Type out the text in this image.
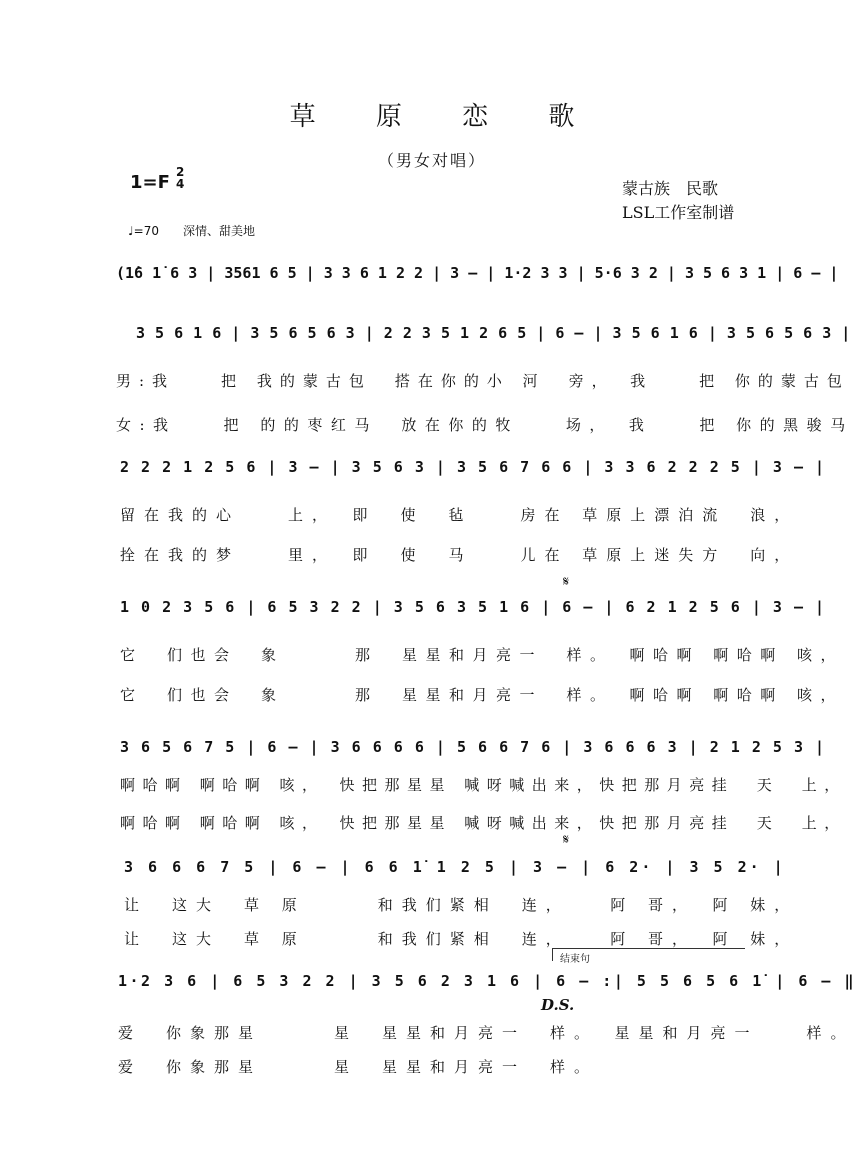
草 原 恋 歌
（男女对唱）
1=F 2
4	蒙古族　民歌
LSL工作室制谱
♩=70　　深情、甜美地
(1̇6 1̇ 6 3 | 3561 6 5 | 3 3 6 1 2 2 | 3 – | 1·2 3 3 | 5·6 3 2 | 3 5 6 3 1 | 6 – |
3 5 6 1 6 | 3 5 6 5 6 3 | 2 2 3 5 1 2 6 5 | 6 – | 3 5 6 1 6 | 3 5 6 5 6 3 |
男:我　　把 我的蒙古包　搭在你的小 河　旁，　我　　把 你的蒙古包
女:我　　把 的的枣红马　放在你的牧　　场，　我　　把 你的黑骏马
2 2 2 1 2 5 6 | 3 – | 3 5 6 3 | 3 5 6 7 6 6 | 3 3 6 2 2 2 5 | 3 – |
留在我的心　　上，　即　使　毡　　房在 草原上漂泊流　浪，
拴在我的梦　　里，　即　使　马　　儿在 草原上迷失方　向，
𝄋
1 0 2 3 5 6 | 6 5 3 2 2 | 3 5 6 3 5 1 6 | 6 – | 6 2 1 2 5 6 | 3 – |
它　们也会　象　　　那　星星和月亮一　样。　啊哈啊 啊哈啊 咳，
它　们也会　象　　　那　星星和月亮一　样。　啊哈啊 啊哈啊 咳，
3 6 5 6 7 5 | 6 – | 3 6 6 6 6 | 5 6 6 7 6 | 3 6 6 6 3 | 2 1 2 5 3 |
啊哈啊 啊哈啊 咳，　快把那星星 喊呀喊出来，快把那月亮挂　天　上，
啊哈啊 啊哈啊 咳，　快把那星星 喊呀喊出来，快把那月亮挂　天　上，
𝄋
3 6 6 6 7 5 | 6 – | 6 6 1̇ 1 2 5 | 3 – | 6 2· | 3 5 2· |
让　这大　草 原　　　和我们紧相　连，　　阿 哥，　阿 妹，
让　这大　草 原　　　和我们紧相　连，　　阿 哥，　阿 妹，
结束句
1·2 3 6 | 6 5 3 2 2 | 3 5 6 2 3 1 6 | 6 – :| 5 5 6 5 6 1̇ | 6 – ‖
D.S.
爱　你象那星　　　星　星星和月亮一　样。　星星和月亮一　　样。
爱　你象那星　　　星　星星和月亮一　样。
